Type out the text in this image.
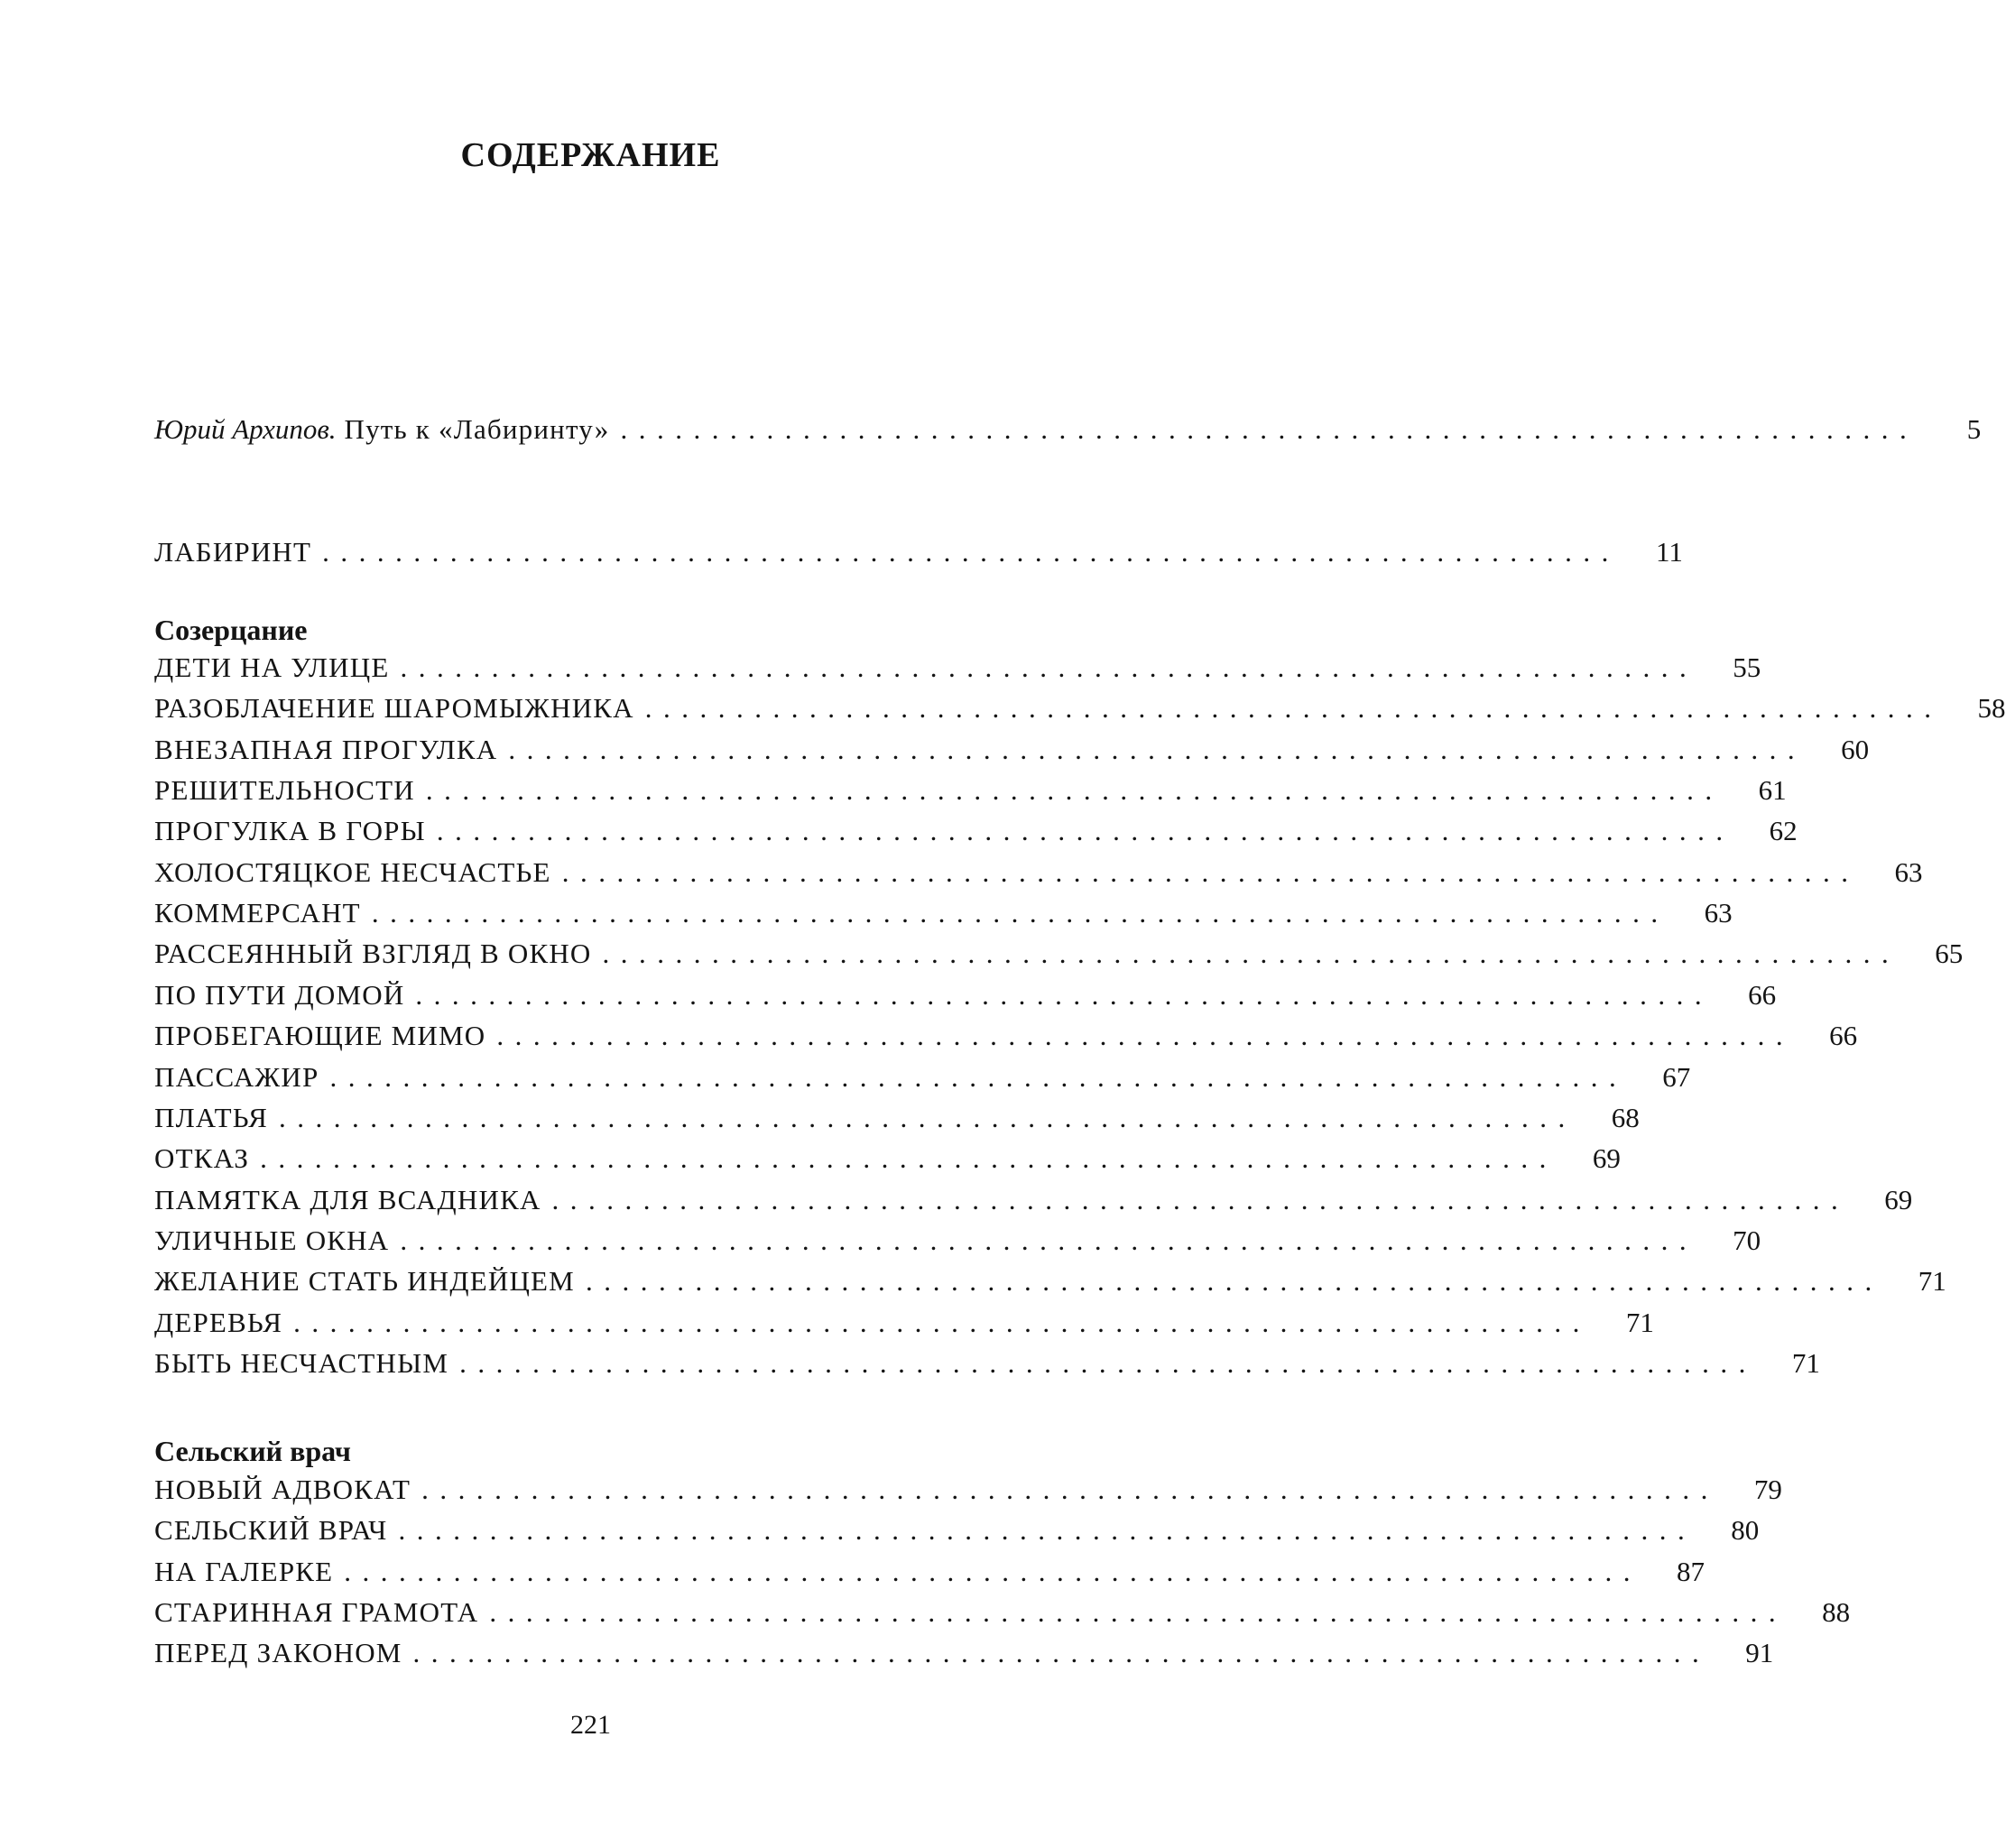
СОДЕРЖАНИЕ
Юрий Архипов. Путь к «Лабиринту» .......................................................................	5
ЛАБИРИНТ .......................................................................	11
Созерцание
ДЕТИ НА УЛИЦЕ .......................................................................	55
РАЗОБЛАЧЕНИЕ ШАРОМЫЖНИКА .......................................................................	58
ВНЕЗАПНАЯ ПРОГУЛКА .......................................................................	60
РЕШИТЕЛЬНОСТИ .......................................................................	61
ПРОГУЛКА В ГОРЫ .......................................................................	62
ХОЛОСТЯЦКОЕ НЕСЧАСТЬЕ .......................................................................	63
КОММЕРСАНТ .......................................................................	63
РАССЕЯННЫЙ ВЗГЛЯД В ОКНО .......................................................................	65
ПО ПУТИ ДОМОЙ .......................................................................	66
ПРОБЕГАЮЩИЕ МИМО .......................................................................	66
ПАССАЖИР .......................................................................	67
ПЛАТЬЯ .......................................................................	68
ОТКАЗ .......................................................................	69
ПАМЯТКА ДЛЯ ВСАДНИКА .......................................................................	69
УЛИЧНЫЕ ОКНА .......................................................................	70
ЖЕЛАНИЕ СТАТЬ ИНДЕЙЦЕМ .......................................................................	71
ДЕРЕВЬЯ .......................................................................	71
БЫТЬ НЕСЧАСТНЫМ .......................................................................	71
Сельский врач
НОВЫЙ АДВОКАТ .......................................................................	79
СЕЛЬСКИЙ ВРАЧ .......................................................................	80
НА ГАЛЕРКЕ .......................................................................	87
СТАРИННАЯ ГРАМОТА .......................................................................	88
ПЕРЕД ЗАКОНОМ .......................................................................	91
221
